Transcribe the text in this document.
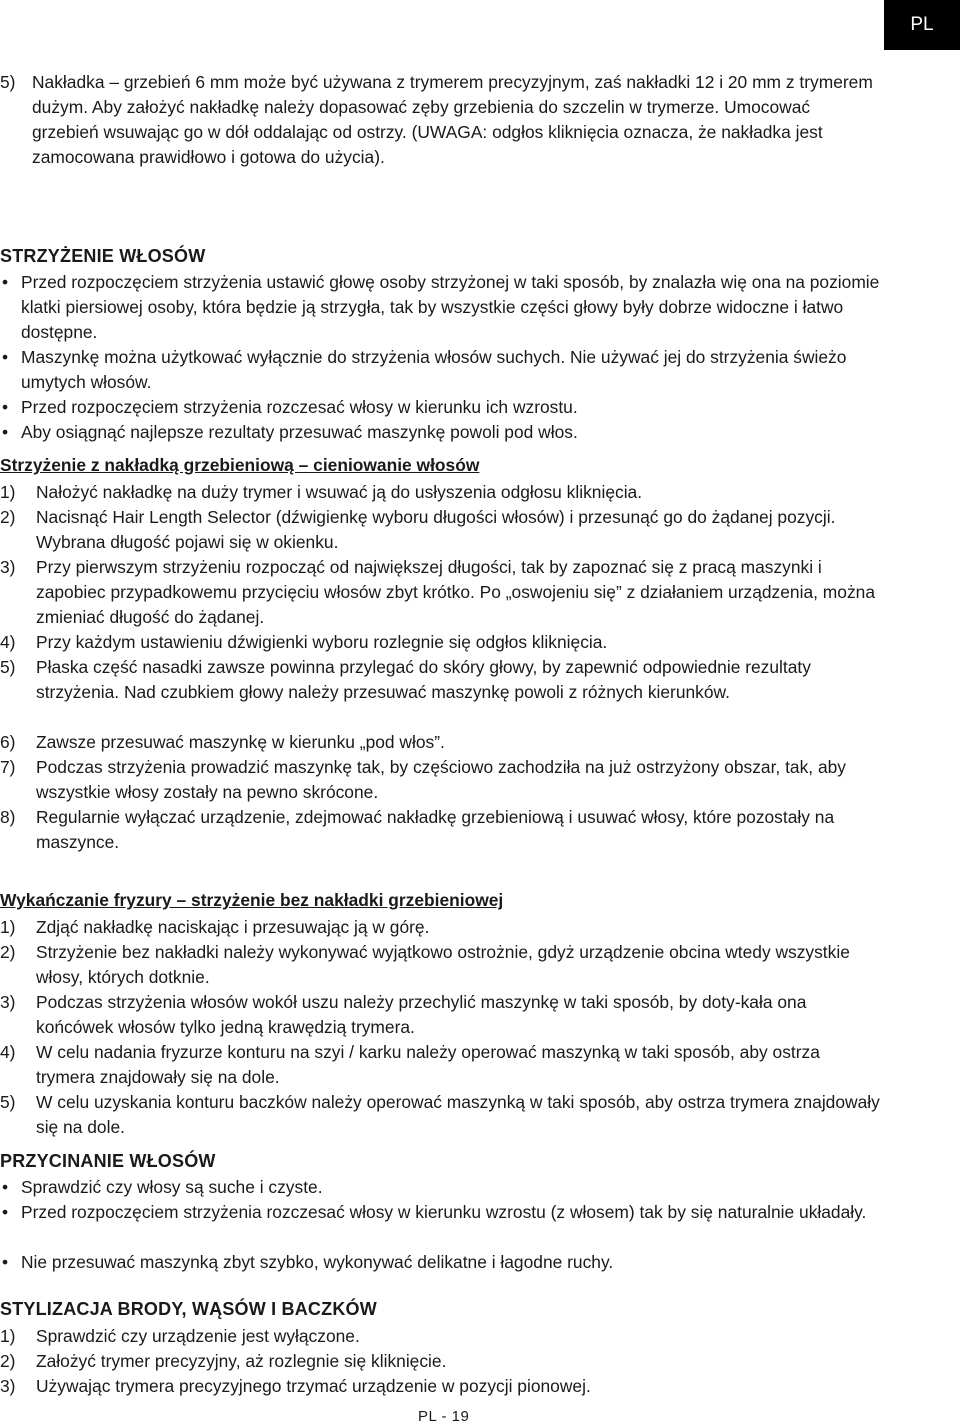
PL
5) Nakładka – grzebień 6 mm może być używana z trymerem precyzyjnym, zaś nakładki 12 i 20 mm z trymerem dużym. Aby założyć nakładkę należy dopasować zęby grzebienia do szczelin w trymerze. Umocować grzebień wsuwając go w dół oddalając od ostrzy. (UWAGA: odgłos kliknięcia oznacza, że nakładka jest zamocowana prawidłowo i gotowa do użycia).
STRZYŻENIE WŁOSÓW
• Przed rozpoczęciem strzyżenia ustawić głowę osoby strzyżonej w taki sposób, by znalazła wię ona na poziomie klatki piersiowej osoby, która będzie ją strzygła, tak by wszystkie części głowy były dobrze widoczne i łatwo dostępne.
• Maszynkę można użytkować wyłącznie do strzyżenia włosów suchych. Nie używać jej do strzyżenia świeżo umytych włosów.
• Przed rozpoczęciem strzyżenia rozczesać włosy w kierunku ich wzrostu.
• Aby osiągnąć najlepsze rezultaty przesuwać maszynkę powoli pod włos.
Strzyżenie z nakładką grzebieniową – cieniowanie włosów
1) Nałożyć nakładkę na duży trymer i wsuwać ją do usłyszenia odgłosu kliknięcia.
2) Nacisnąć Hair Length Selector (dźwigienkę wyboru długości włosów) i przesunąć go do żądanej pozycji. Wybrana długość pojawi się w okienku.
3) Przy pierwszym strzyżeniu rozpocząć od największej długości, tak by zapoznać się z pracą maszynki i zapobiec przypadkowemu przycięciu włosów zbyt krótko. Po „oswojeniu się” z działaniem urządzenia, można zmieniać długość do żądanej.
4) Przy każdym ustawieniu dźwigienki wyboru rozlegnie się odgłos kliknięcia.
5) Płaska część nasadki zawsze powinna przylegać do skóry głowy, by zapewnić odpowiednie rezultaty strzyżenia. Nad czubkiem głowy należy przesuwać maszynkę powoli z różnych kierunków.
6) Zawsze przesuwać maszynkę w kierunku „pod włos”.
7) Podczas strzyżenia prowadzić maszynkę tak, by częściowo zachodziła na już ostrzyżony obszar, tak, aby wszystkie włosy zostały na pewno skrócone.
8) Regularnie wyłączać urządzenie, zdejmować nakładkę grzebieniową i usuwać włosy, które pozostały na maszynce.
Wykańczanie fryzury – strzyżenie bez nakładki grzebieniowej
1) Zdjąć nakładkę naciskając i przesuwając ją w górę.
2) Strzyżenie bez nakładki należy wykonywać wyjątkowo ostrożnie, gdyż urządzenie obcina wtedy wszystkie włosy, których dotknie.
3) Podczas strzyżenia włosów wokół uszu należy przechylić maszynkę w taki sposób, by doty-kała ona końcówek włosów tylko jedną krawędzią trymera.
4) W celu nadania fryzurze konturu na szyi / karku należy operować maszynką w taki sposób, aby ostrza trymera znajdowały się na dole.
5) W celu uzyskania konturu baczków należy operować maszynką w taki sposób, aby ostrza trymera znajdowały się na dole.
PRZYCINANIE WŁOSÓW
• Sprawdzić czy włosy są suche i czyste.
• Przed rozpoczęciem strzyżenia rozczesać włosy w kierunku wzrostu (z włosem) tak by się naturalnie układały.
• Nie przesuwać maszynką zbyt szybko, wykonywać delikatne i łagodne ruchy.
STYLIZACJA BRODY, WĄSÓW I BACZKÓW
1) Sprawdzić czy urządzenie jest wyłączone.
2) Założyć trymer precyzyjny, aż rozlegnie się kliknięcie.
3) Używając trymera precyzyjnego trzymać urządzenie w pozycji pionowej.
PL - 19
